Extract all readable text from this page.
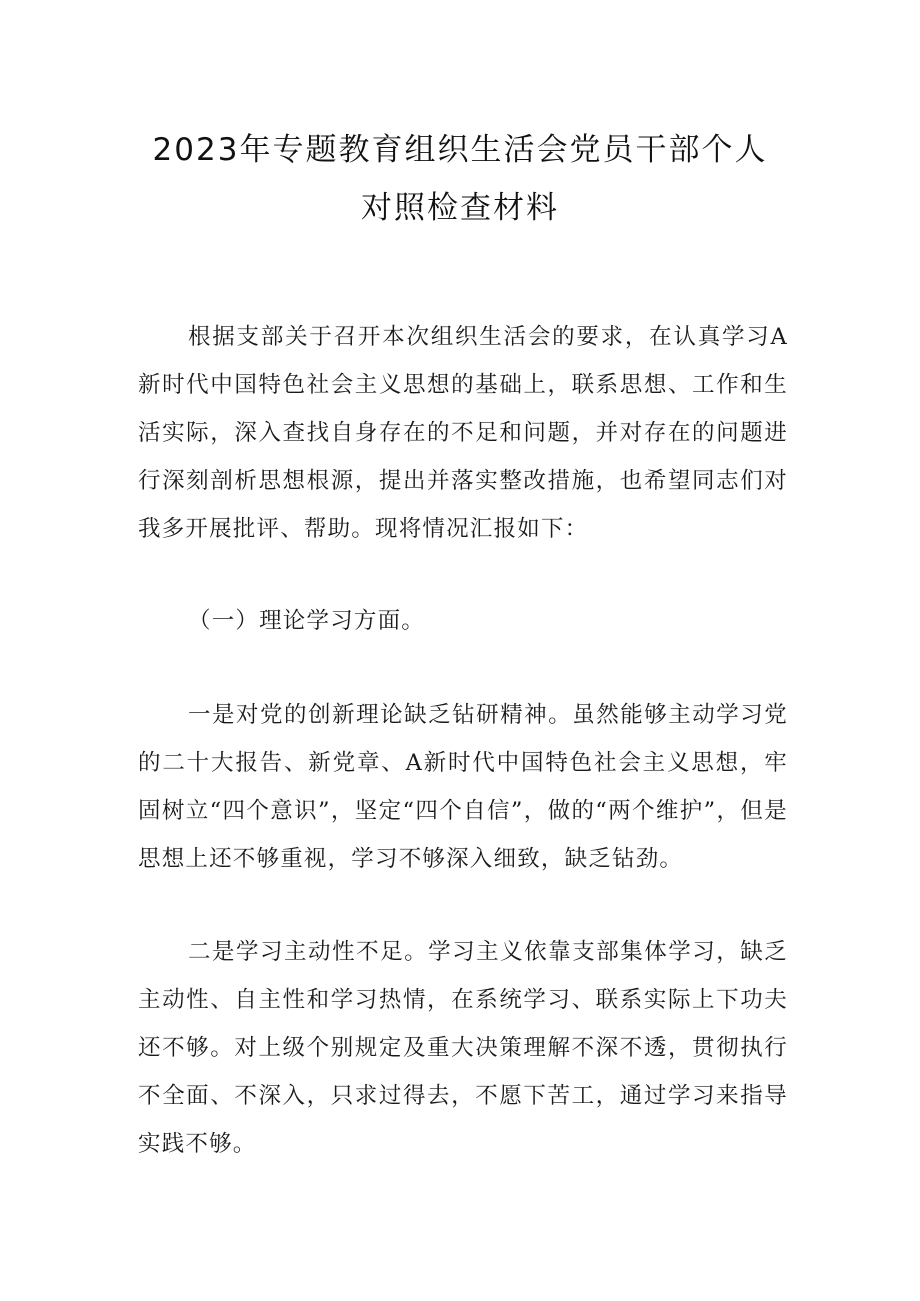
2023年专题教育组织生活会党员干部个人
对照检查材料

根据支部关于召开本次组织生活会的要求，在认真学习A新时代中国特色社会主义思想的基础上，联系思想、工作和生活实际，深入查找自身存在的不足和问题，并对存在的问题进行深刻剖析思想根源，提出并落实整改措施，也希望同志们对我多开展批评、帮助。现将情况汇报如下：

（一）理论学习方面。

一是对党的创新理论缺乏钻研精神。虽然能够主动学习党的二十大报告、新党章、A新时代中国特色社会主义思想，牢固树立“四个意识”，坚定“四个自信”，做的“两个维护”，但是思想上还不够重视，学习不够深入细致，缺乏钻劲。

二是学习主动性不足。学习主义依靠支部集体学习，缺乏主动性、自主性和学习热情，在系统学习、联系实际上下功夫还不够。对上级个别规定及重大决策理解不深不透，贯彻执行不全面、不深入，只求过得去，不愿下苦工，通过学习来指导实践不够。
